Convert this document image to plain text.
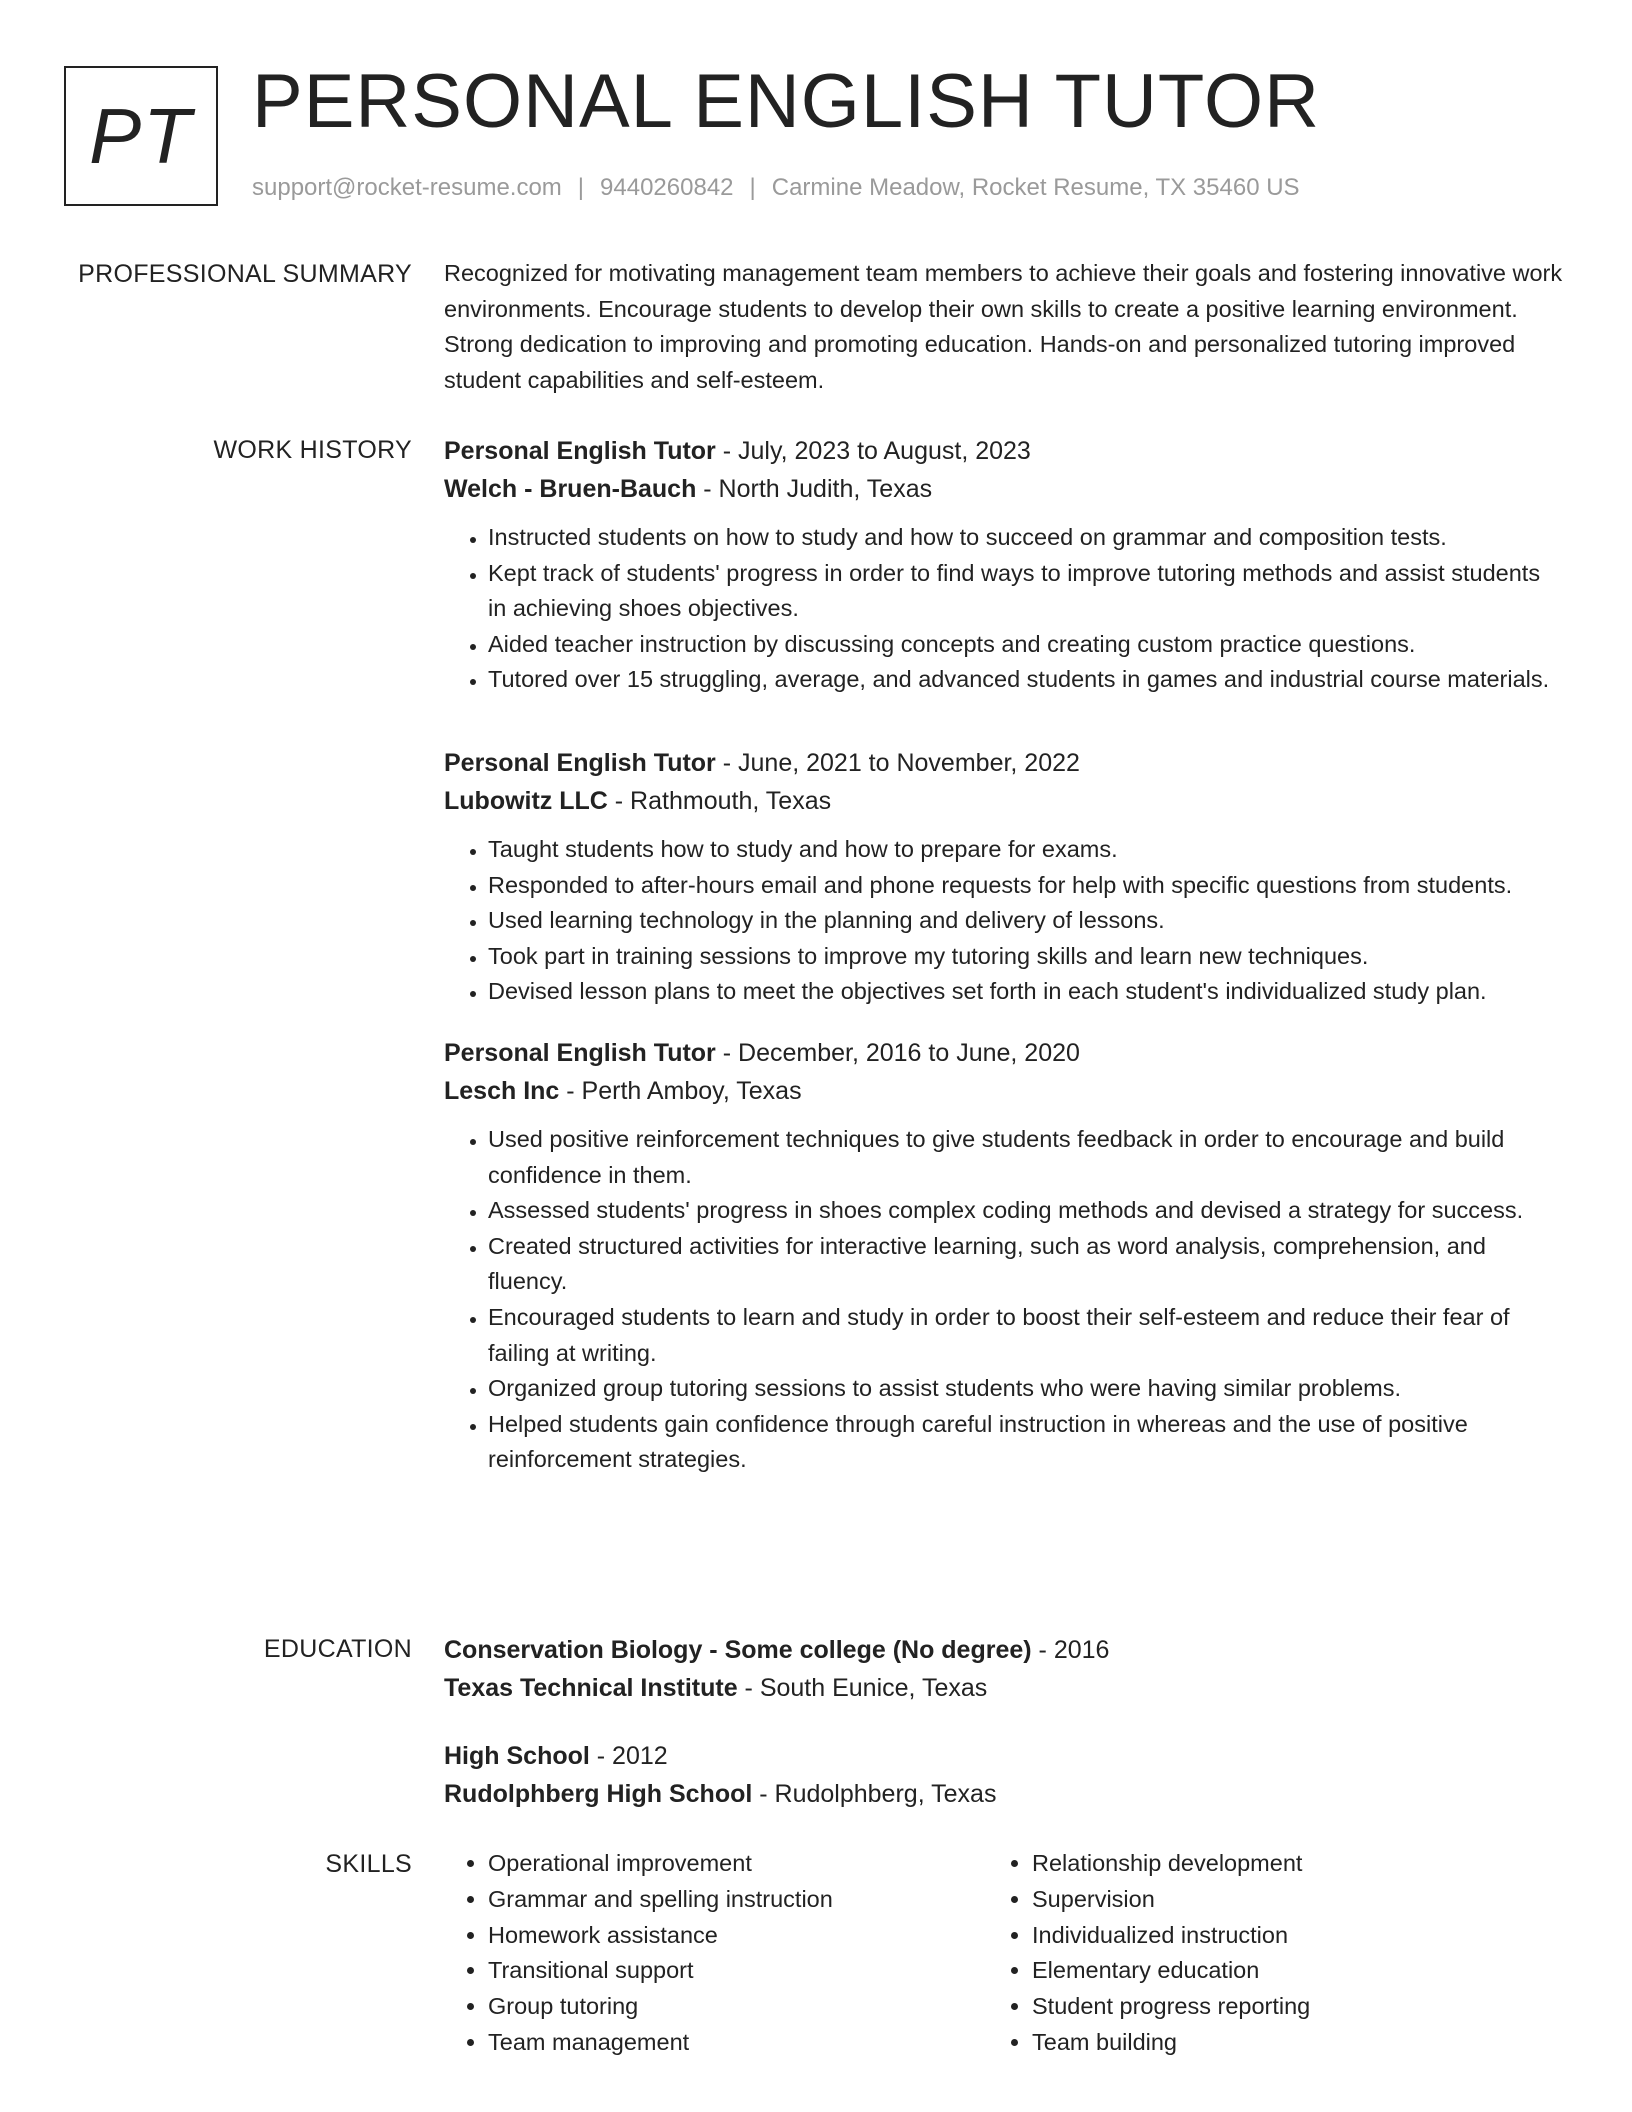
PT PERSONAL ENGLISH TUTOR
support@rocket-resume.com | 9440260842 | Carmine Meadow, Rocket Resume, TX 35460 US
PROFESSIONAL SUMMARY Recognized for motivating management team members to achieve their goals and fostering innovative work environments. Encourage students to develop their own skills to create a positive learning environment. Strong dedication to improving and promoting education. Hands-on and personalized tutoring improved student capabilities and self-esteem.

WORK HISTORY Personal English Tutor - July, 2023 to August, 2023
Welch - Bruen-Bauch - North Judith, Texas
• Instructed students on how to study and how to succeed on grammar and composition tests.
• Kept track of students' progress in order to find ways to improve tutoring methods and assist students in achieving shoes objectives.
• Aided teacher instruction by discussing concepts and creating custom practice questions.
• Tutored over 15 struggling, average, and advanced students in games and industrial course materials.
Personal English Tutor - June, 2021 to November, 2022
Lubowitz LLC - Rathmouth, Texas
• Taught students how to study and how to prepare for exams.
• Responded to after-hours email and phone requests for help with specific questions from students.
• Used learning technology in the planning and delivery of lessons.
• Took part in training sessions to improve my tutoring skills and learn new techniques.
• Devised lesson plans to meet the objectives set forth in each student's individualized study plan.
Personal English Tutor - December, 2016 to June, 2020
Lesch Inc - Perth Amboy, Texas
• Used positive reinforcement techniques to give students feedback in order to encourage and build confidence in them.
• Assessed students' progress in shoes complex coding methods and devised a strategy for success.
• Created structured activities for interactive learning, such as word analysis, comprehension, and fluency.
• Encouraged students to learn and study in order to boost their self-esteem and reduce their fear of failing at writing.
• Organized group tutoring sessions to assist students who were having similar problems.
• Helped students gain confidence through careful instruction in whereas and the use of positive reinforcement strategies.
EDUCATION Conservation Biology - Some college (No degree) - 2016
Texas Technical Institute - South Eunice, Texas
High School - 2012
Rudolphberg High School - Rudolphberg, Texas
SKILLS
•	Operational improvement
• Grammar and spelling instruction
• Homework assistance
• Transitional support
• Group tutoring
• Team management
• Relationship development
• Supervision
• Individualized instruction
• Elementary education
• Student progress reporting
• Team building
